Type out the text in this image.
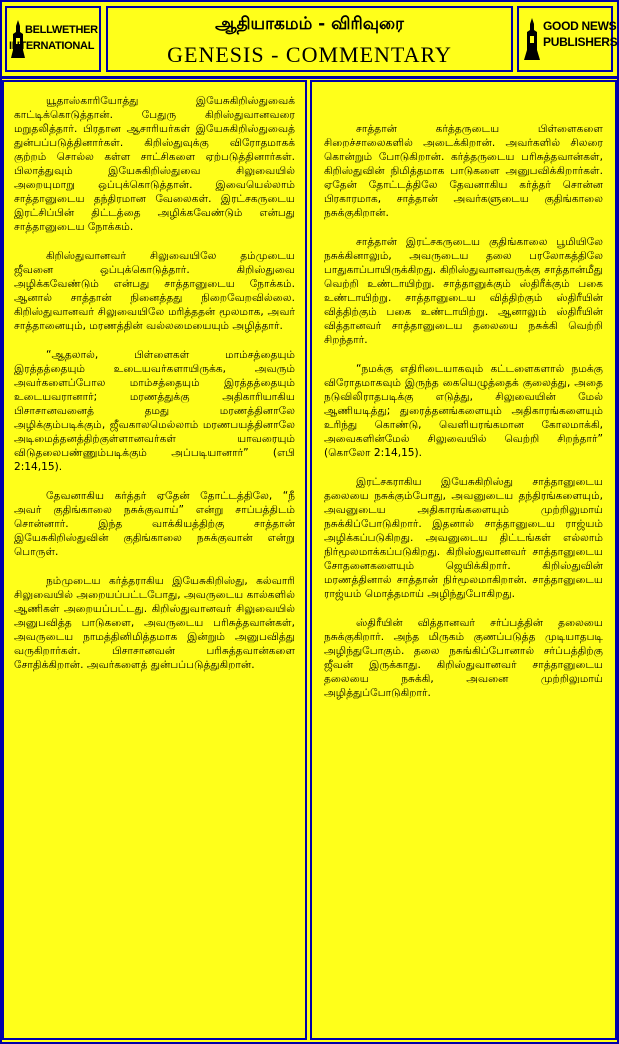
BELLWETHER
INTERNATIONAL
ஆதியாகமம் - விரிவுரை
GENESIS - COMMENTARY
GOOD NEWS
PUBLISHERS

யூதாஸ்காரியோத்து இயேசுகிறிஸ்துவைக் காட்டிக்கொடுத்தான். பேதுரு கிறிஸ்துவானவரை மறுதலித்தார். பிரதான ஆசாரியர்கள் இயேசுகிறிஸ்துவைத் துன்பப்படுத்தினார்கள். கிறிஸ்துவுக்கு விரோதமாகக் குற்றம் சொல்ல கள்ள சாட்சிகளை ஏற்படுத்தினார்கள். பிலாத்துவும் இயேசுகிறிஸ்துவை சிலுவையில் அறையுமாறு ஒப்புக்கொடுத்தான். இவையெல்லாம் சாத்தானுடைய தந்திரமான வேலைகள். இரட்சகருடைய இரட்சிப்பின் திட்டத்தை அழிக்கவேண்டும் என்பது சாத்தானுடைய நோக்கம்.

கிறிஸ்துவானவர் சிலுவையிலே தம்முடைய ஜீவனை ஒப்புக்கொடுத்தார். கிறிஸ்துவை அழிக்கவேண்டும் என்பது சாத்தானுடைய நோக்கம். ஆனால் சாத்தான் நினைத்தது நிறைவேறவில்லை. கிறிஸ்துவானவர் சிலுவையிலே மரித்ததன் மூலமாக, அவர் சாத்தானையும், மரணத்தின் வல்லமையையும் அழித்தார்.

“ஆதலால், பிள்ளைகள் மாம்சத்தையும் இரத்தத்தையும் உடையவர்களாயிருக்க, அவரும் அவர்களைப்போல மாம்சத்தையும் இரத்தத்தையும் உடையவரானார்; மரணத்துக்கு அதிகாரியாகிய பிசாசானவனைத் தமது மரணத்தினாலே அழிக்கும்படிக்கும், ஜீவகாலமெல்லாம் மரணபயத்தினாலே அடிமைத்தனத்திற்குள்ளானவர்கள் யாவரையும் விடுதலைபண்ணும்படிக்கும் அப்படியானார்” (எபி 2:14,15).

தேவனாகிய கர்த்தர் ஏதேன் தோட்டத்திலே, “நீ அவர் குதிங்காலை நசுக்குவாய்” என்று சாப்பத்திடம் சொன்னார். இந்த வாக்கியத்திற்கு சாத்தான் இயேசுகிறிஸ்துவின் குதிங்காலை நசுக்குவான் என்று பொருள்.

நம்முடைய கர்த்தராகிய இயேசுகிறிஸ்து, கல்வாரி சிலுவையில் அறையப்பட்டபோது, அவருடைய கால்களில் ஆணிகள் அறையப்பட்டது. கிறிஸ்துவானவர் சிலுவையில் அனுபவித்த பாடுகளை, அவருடைய பரிசுத்தவான்கள், அவருடைய நாமத்தினிமித்தமாக இன்றும் அனுபவித்து வருகிறார்கள். பிசாசானவன் பரிசுத்தவான்களை சோதிக்கிறான். அவர்களைத் துன்பப்படுத்துகிறான்.

சாத்தான் கர்த்தருடைய பிள்ளைகளை சிறைச்சாலைகளில் அடைக்கிறான். அவர்களில் சிலரை கொன்றும் போடுகிறான். கர்த்தருடைய பரிசுத்தவான்கள், கிறிஸ்துவின் நிமித்தமாக பாடுகளை அனுபவிக்கிறார்கள். ஏதேன் தோட்டத்திலே தேவனாகிய கர்த்தர் சொன்ன பிரகாரமாக, சாத்தான் அவர்களுடைய குதிங்காலை நசுக்குகிறான்.

சாத்தான் இரட்சகருடைய குதிங்காலை பூமியிலே நசுக்கினாலும், அவருடைய தலை பரலோகத்திலே பாதுகாப்பாயிருக்கிறது. கிறிஸ்துவானவருக்கு சாத்தான்மீது வெற்றி உண்டாயிற்று. சாத்தானுக்கும் ஸ்திரீக்கும் பகை உண்டாயிற்று. சாத்தானுடைய வித்திற்கும் ஸ்திரீயின் வித்திற்கும் பகை உண்டாயிற்று. ஆனாலும் ஸ்திரீயின் வித்தானவர் சாத்தானுடைய தலையை நசுக்கி வெற்றி சிறந்தார்.

“நமக்கு எதிரிடையாகவும் கட்டளைகளால் நமக்கு விரோதமாகவும் இருந்த கையெழுத்தைக் குலைத்து, அதை நடுவிலிராதபடிக்கு எடுத்து, சிலுவையின் மேல் ஆணியடித்து; துரைத்தனங்களையும் அதிகாரங்களையும் உரிந்து கொண்டு, வெளியரங்கமான கோலமாக்கி, அவைகளின்மேல் சிலுவையில் வெற்றி சிறந்தார்” (கொலோ 2:14,15).

இரட்சகராகிய இயேசுகிறிஸ்து சாத்தானுடைய தலையை நசுக்கும்போது, அவனுடைய தந்திரங்களையும், அவனுடைய அதிகாரங்களையும் முற்றிலுமாய் நசுக்கிப்போடுகிறார். இதனால் சாத்தானுடைய ராஜ்யம் அழிக்கப்படுகிறது. அவனுடைய திட்டங்கள் எல்லாம் நிர்மூலமாக்கப்படுகிறது. கிறிஸ்துவானவர் சாத்தானுடைய சோதனைகளையும் ஜெயிக்கிறார். கிறிஸ்துவின் மரணத்தினால் சாத்தான் நிர்மூலமாகிறான். சாத்தானுடைய ராஜ்யம் மொத்தமாய் அழிந்துபோகிறது.

ஸ்திரீயின் வித்தானவர் சர்ப்பத்தின் தலையை நசுக்குகிறார். அந்த மிருகம் குணப்படுத்த முடியாதபடி அழிந்துபோகும். தலை நசுங்கிப்போனால் சர்ப்பத்திற்கு ஜீவன் இருக்காது. கிறிஸ்துவானவர் சாத்தானுடைய தலையை நசுக்கி, அவனை முற்றிலுமாய் அழித்துப்போடுகிறார்.
